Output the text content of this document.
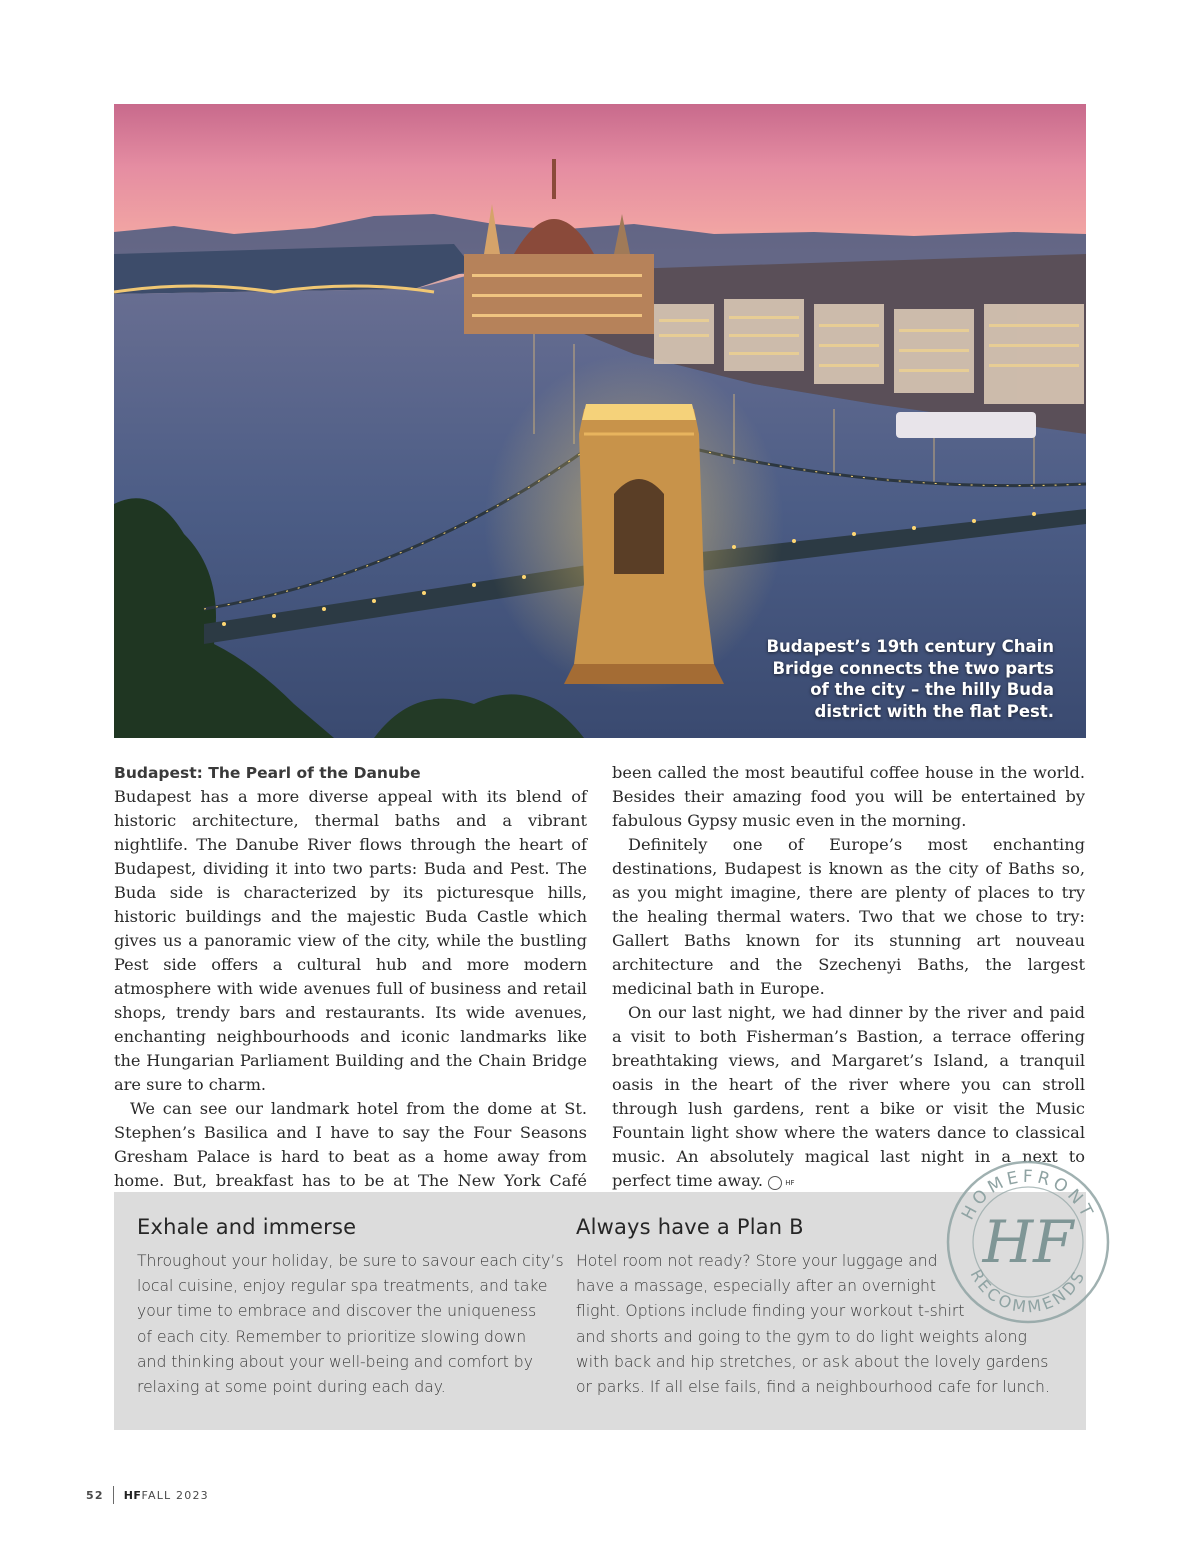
Budapest’s 19th century Chain Bridge connects the two parts of the city – the hilly Buda district with the flat Pest.
Budapest: The Pearl of the Danube

Budapest has a more diverse appeal with its blend of historic architecture, thermal baths and a vibrant nightlife. The Danube River flows through the heart of Budapest, dividing it into two parts: Buda and Pest. The Buda side is characterized by its picturesque hills, historic buildings and the majestic Buda Castle which gives us a panoramic view of the city, while the bustling Pest side offers a cultural hub and more modern atmosphere with wide avenues full of business and retail shops, trendy bars and restaurants. Its wide avenues, enchanting neighbourhoods and iconic landmarks like the Hungarian Parliament Building and the Chain Bridge are sure to charm.

We can see our landmark hotel from the dome at St. Stephen’s Basilica and I have to say the Four Seasons Gresham Palace is hard to beat as a home away from home. But, breakfast has to be at The New York Café

been called the most beautiful coffee house in the world. Besides their amazing food you will be entertained by fabulous Gypsy music even in the morning.

Definitely one of Europe’s most enchanting destinations, Budapest is known as the city of Baths so, as you might imagine, there are plenty of places to try the healing thermal waters. Two that we chose to try: Gallert Baths known for its stunning art nouveau architecture and the Szechenyi Baths, the largest medicinal bath in Europe.

On our last night, we had dinner by the river and paid a visit to both Fisherman’s Bastion, a terrace offering breathtaking views, and Margaret’s Island, a tranquil oasis in the heart of the river where you can stroll through lush gardens, rent a bike or visit the Music Fountain light show where the waters dance to classical music. An absolutely magical last night in a next to perfect time away.	HF

Exhale and immerse
Throughout your holiday, be sure to savour each city’s
local cuisine, enjoy regular spa treatments, and take
your time to embrace and discover the uniqueness
of each city. Remember to prioritize slowing down
and thinking about your well-being and comfort by
relaxing at some point during each day.
Always have a Plan B
Hotel room not ready? Store your luggage and
have a massage, especially after an overnight
flight. Options include finding your workout t-shirt
and shorts and going to the gym to do light weights along
with back and hip stretches, or ask about the lovely gardens
or parks. If all else fails, find a neighbourhood cafe for lunch.
HOMEFRONT
RECOMMENDS
HF
52 HF FALL 2023
